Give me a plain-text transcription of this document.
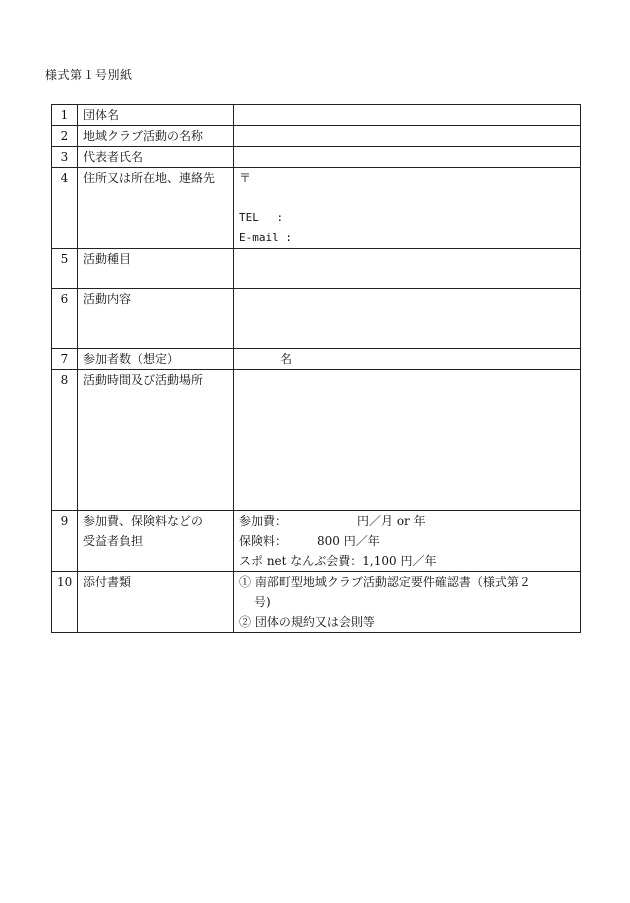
様式第１号別紙
1	団体名	
2	地域クラブ活動の名称	
3	代表者氏名	
4	住所又は所在地、連絡先	〒
TEL　 :
E-mail :

5	活動種目	
6	活動内容	
7	参加者数（想定）	名
8	活動時間及び活動場所	
9	参加費、保険料などの
受益者負担	参加費： 円／月 or 年
保険料： 800 円／年
スポ net なんぶ会費：1,100 円／年

10	添付書類	① 南部町型地域クラブ活動認定要件確認書（様式第２
号)
② 団体の規約又は会則等
